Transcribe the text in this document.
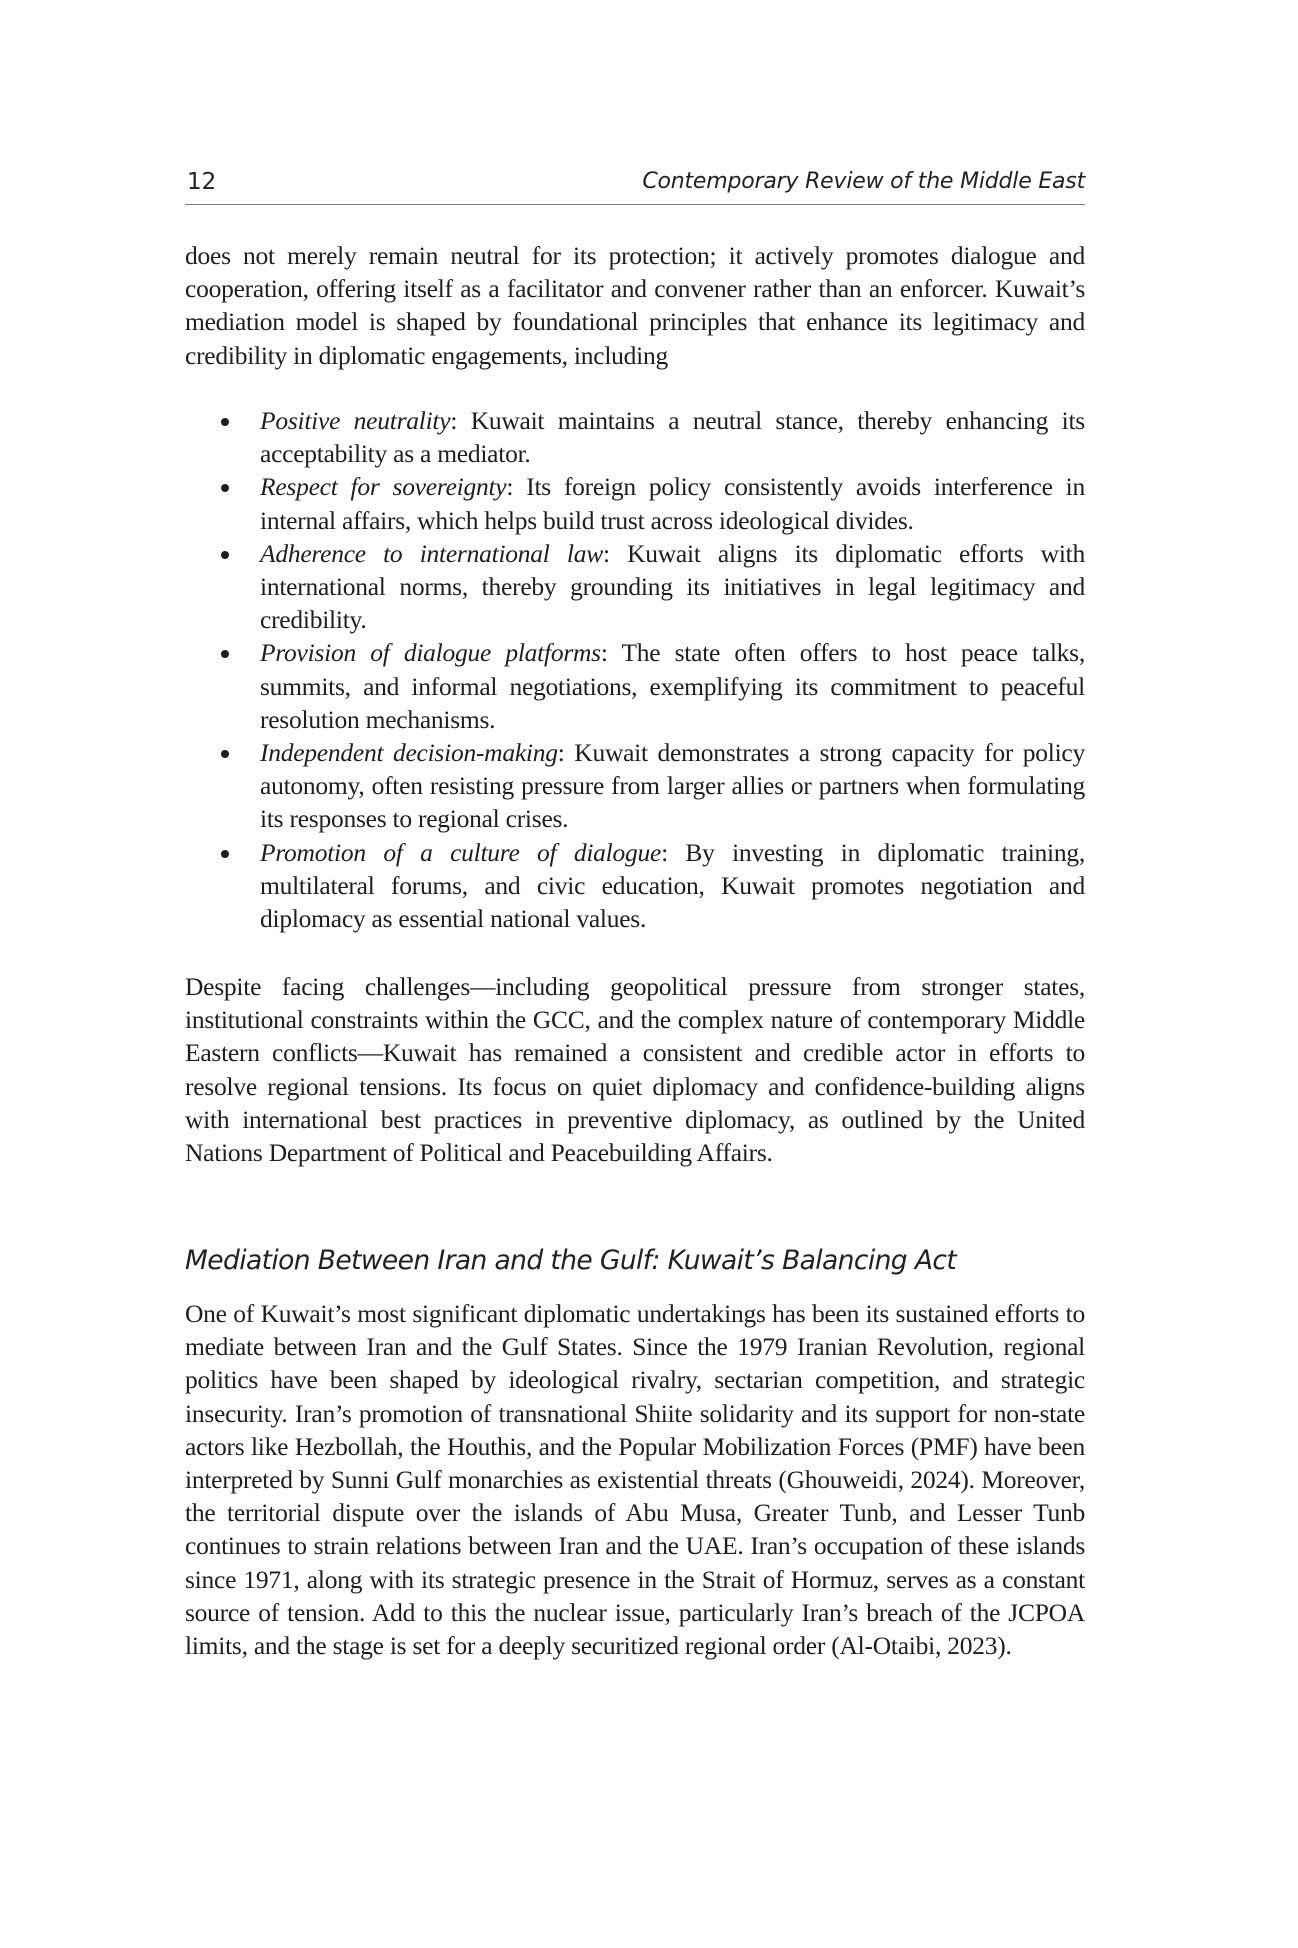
12	Contemporary Review of the Middle East

does not merely remain neutral for its protection; it actively promotes dialogue and cooperation, offering itself as a facilitator and convener rather than an enforcer. Kuwait’s mediation model is shaped by foundational principles that enhance its legitimacy and credibility in diplomatic engagements, including

Positive neutrality: Kuwait maintains a neutral stance, thereby enhancing its acceptability as a mediator.
Respect for sovereignty: Its foreign policy consistently avoids interference in internal affairs, which helps build trust across ideological divides.
Adherence to international law: Kuwait aligns its diplomatic efforts with international norms, thereby grounding its initiatives in legal legitimacy and credibility.
Provision of dialogue platforms: The state often offers to host peace talks, summits, and informal negotiations, exemplifying its commitment to peaceful resolution mechanisms.
Independent decision-making: Kuwait demonstrates a strong capacity for policy autonomy, often resisting pressure from larger allies or partners when formulating its responses to regional crises.
Promotion of a culture of dialogue: By investing in diplomatic training, multilateral forums, and civic education, Kuwait promotes negotiation and diplomacy as essential national values.

Despite facing challenges—including geopolitical pressure from stronger states, institutional constraints within the GCC, and the complex nature of contemporary Middle Eastern conflicts—Kuwait has remained a consistent and credible actor in efforts to resolve regional tensions. Its focus on quiet diplomacy and confidence-building aligns with international best practices in preventive diplomacy, as outlined by the United Nations Department of Political and Peacebuilding Affairs.

Mediation Between Iran and the Gulf: Kuwait’s Balancing Act

One of Kuwait’s most significant diplomatic undertakings has been its sustained efforts to mediate between Iran and the Gulf States. Since the 1979 Iranian Revolution, regional politics have been shaped by ideological rivalry, sectarian competition, and strategic insecurity. Iran’s promotion of transnational Shiite solidarity and its support for non-state actors like Hezbollah, the Houthis, and the Popular Mobilization Forces (PMF) have been interpreted by Sunni Gulf monarchies as existential threats (Ghouweidi, 2024). Moreover, the territorial dispute over the islands of Abu Musa, Greater Tunb, and Lesser Tunb continues to strain relations between Iran and the UAE. Iran’s occupation of these islands since 1971, along with its strategic presence in the Strait of Hormuz, serves as a constant source of tension. Add to this the nuclear issue, particularly Iran’s breach of the JCPOA limits, and the stage is set for a deeply securitized regional order (Al-Otaibi, 2023).
